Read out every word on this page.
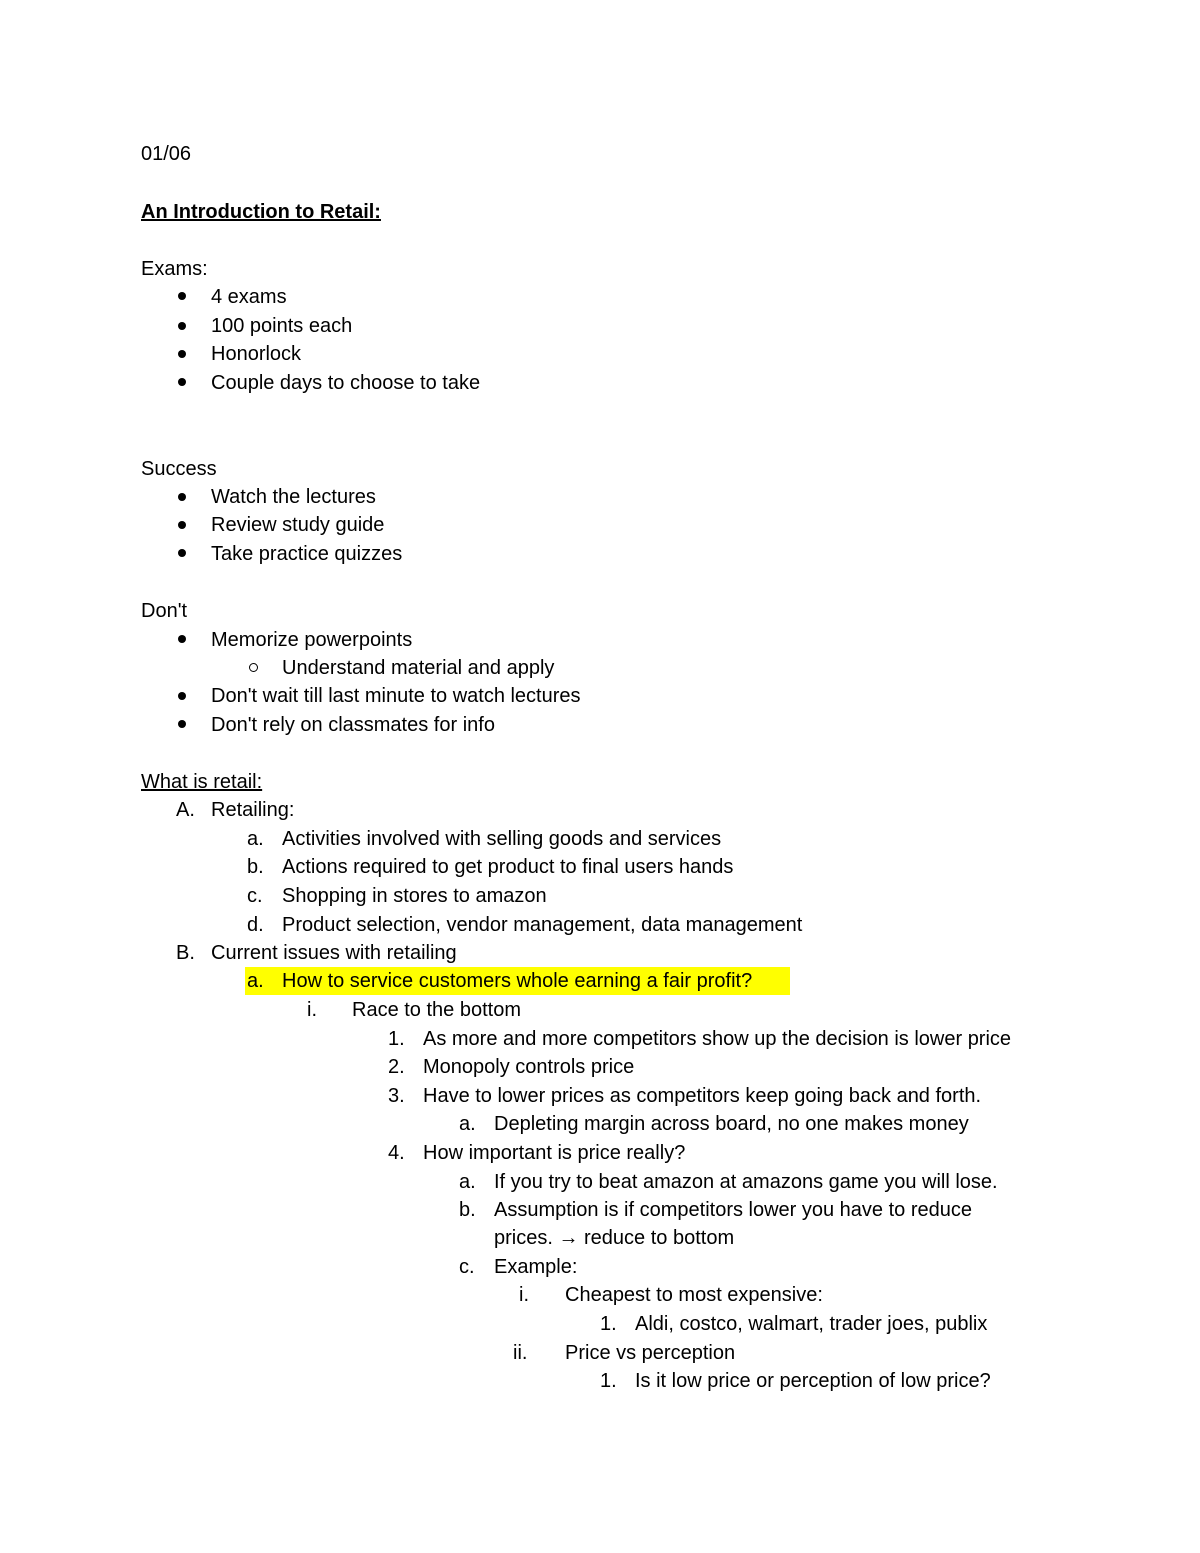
01/06
An Introduction to Retail:
Exams:
4 exams
100 points each
Honorlock
Couple days to choose to take
Success
Watch the lectures
Review study guide
Take practice quizzes
Don't
Memorize powerpoints
Understand material and apply
Don't wait till last minute to watch lectures
Don't rely on classmates for info
What is retail:
A. Retailing:
a. Activities involved with selling goods and services
b. Actions required to get product to final users hands
c. Shopping in stores to amazon
d. Product selection, vendor management, data management
B. Current issues with retailing
a. How to service customers whole earning a fair profit?
i. Race to the bottom
1. As more and more competitors show up the decision is lower price
2. Monopoly controls price
3. Have to lower prices as competitors keep going back and forth.
a. Depleting margin across board, no one makes money
4. How important is price really?
a. If you try to beat amazon at amazons game you will lose.
b. Assumption is if competitors lower you have to reduce
prices. → reduce to bottom
c. Example:
i. Cheapest to most expensive:
1. Aldi, costco, walmart, trader joes, publix
ii. Price vs perception
1. Is it low price or perception of low price?
